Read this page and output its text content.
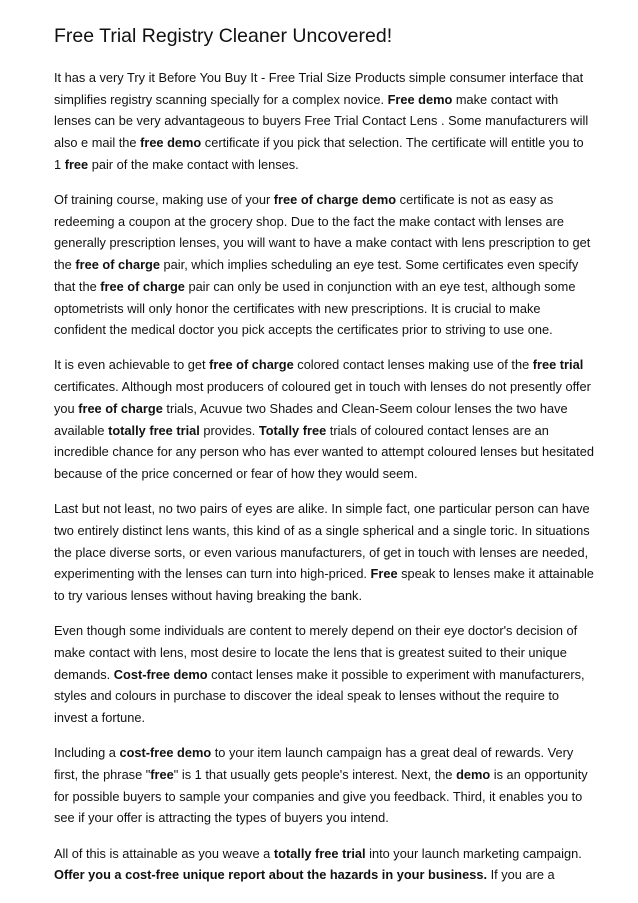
Free Trial Registry Cleaner Uncovered!

It has a very Try it Before You Buy It - Free Trial Size Products simple consumer interface that simplifies registry scanning specially for a complex novice. Free demo make contact with lenses can be very advantageous to buyers Free Trial Contact Lens . Some manufacturers will also e mail the free demo certificate if you pick that selection. The certificate will entitle you to 1 free pair of the make contact with lenses.

Of training course, making use of your free of charge demo certificate is not as easy as redeeming a coupon at the grocery shop. Due to the fact the make contact with lenses are generally prescription lenses, you will want to have a make contact with lens prescription to get the free of charge pair, which implies scheduling an eye test. Some certificates even specify that the free of charge pair can only be used in conjunction with an eye test, although some optometrists will only honor the certificates with new prescriptions. It is crucial to make confident the medical doctor you pick accepts the certificates prior to striving to use one.

It is even achievable to get free of charge colored contact lenses making use of the free trial certificates. Although most producers of coloured get in touch with lenses do not presently offer you free of charge trials, Acuvue two Shades and Clean-Seem colour lenses the two have available totally free trial provides. Totally free trials of coloured contact lenses are an incredible chance for any person who has ever wanted to attempt coloured lenses but hesitated because of the price concerned or fear of how they would seem.

Last but not least, no two pairs of eyes are alike. In simple fact, one particular person can have two entirely distinct lens wants, this kind of as a single spherical and a single toric. In situations the place diverse sorts, or even various manufacturers, of get in touch with lenses are needed, experimenting with the lenses can turn into high-priced. Free speak to lenses make it attainable to try various lenses without having breaking the bank.

Even though some individuals are content to merely depend on their eye doctor's decision of make contact with lens, most desire to locate the lens that is greatest suited to their unique demands. Cost-free demo contact lenses make it possible to experiment with manufacturers, styles and colours in purchase to discover the ideal speak to lenses without the require to invest a fortune.

Including a cost-free demo to your item launch campaign has a great deal of rewards. Very first, the phrase "free" is 1 that usually gets people's interest. Next, the demo is an opportunity for possible buyers to sample your companies and give you feedback. Third, it enables you to see if your offer is attracting the types of buyers you intend.

All of this is attainable as you weave a totally free trial into your launch marketing campaign. Offer you a cost-free unique report about the hazards in your business. If you are a
